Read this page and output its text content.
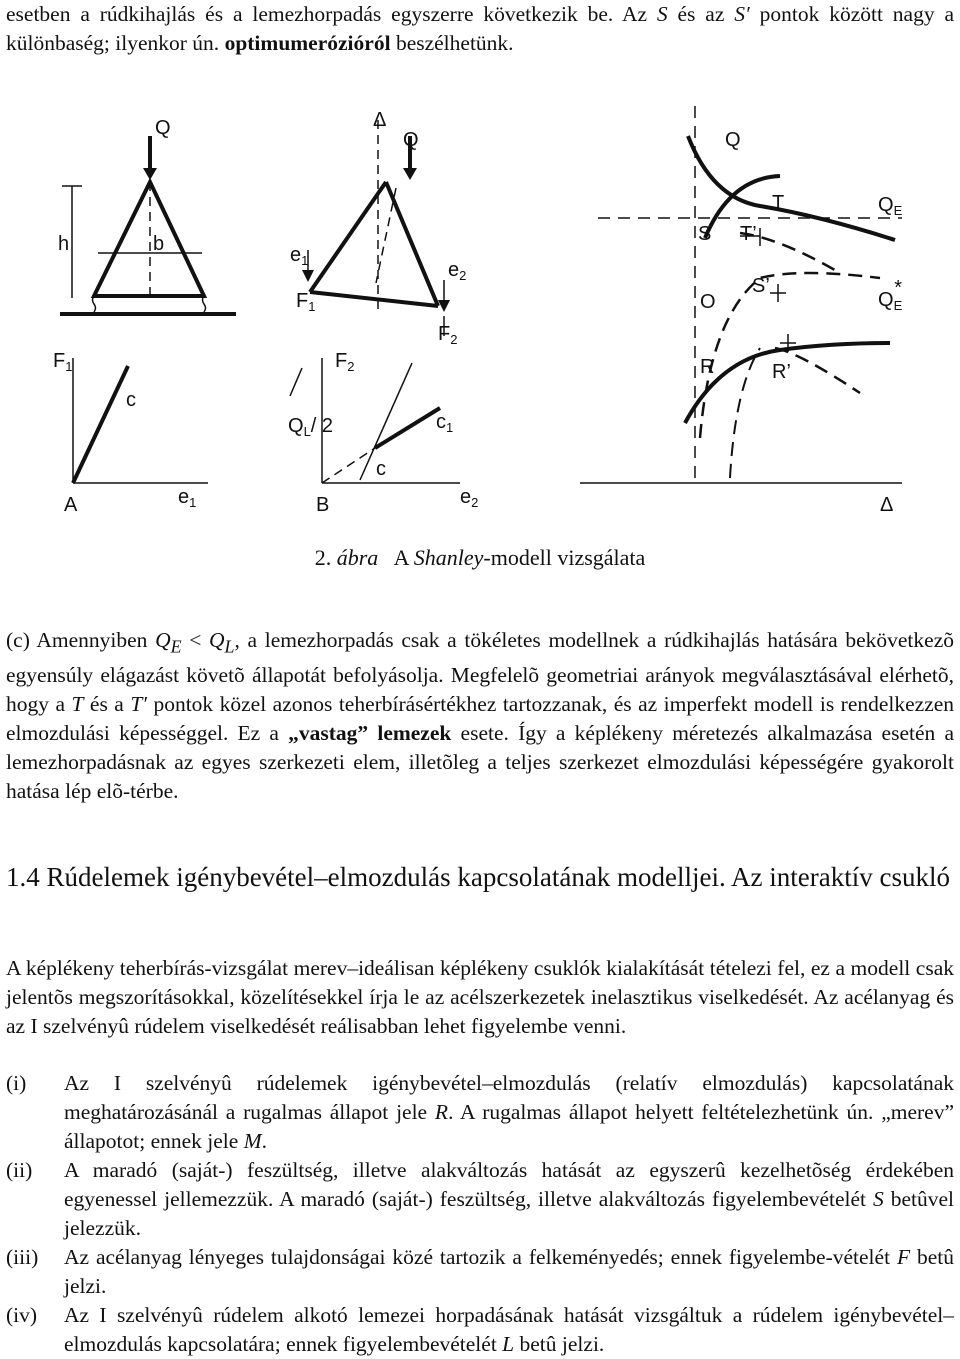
esetben a rúdkihajlás és a lemezhorpadás egyszerre következik be. Az S és az S′ pontok között nagy a különbaség; ilyenkor ún. optimumerózióról beszélhetünk.

Q
h	b
Δ
Q
$e_1$	$e_2$
$F_1$
$F_2$
$F_1$	$F_2$
c
$Q_L/$ 2	$c_1$
c
A	$e_1$	B	$e_2$
Q
S
T
T’
$Q_E$
O
S’
$Q_E*$
R	R’
Δ
2. ábra A Shanley-modell vizsgálata

(c) Amennyiben $Q_E < Q_L$, a lemezhorpadás csak a tökéletes modellnek a rúdkihajlás hatására bekövetkezõ egyensúly elágazást követõ állapotát befolyásolja. Megfelelõ geometriai arányok megválasztásával elérhetõ, hogy a T és a T′ pontok közel azonos teherbírásértékhez tartozzanak, és az imperfekt modell is rendelkezzen elmozdulási képességgel. Ez a „vastag” lemezek esete. Így a képlékeny méretezés alkalmazása esetén a lemezhorpadásnak az egyes szerkezeti elem, illetõleg a teljes szerkezet elmozdulási képességére gyakorolt hatása lép elõ-térbe.

1.4 Rúdelemek igénybevétel–elmozdulás kapcsolatának modelljei. Az interaktív csukló

A képlékeny teherbírás-vizsgálat merev–ideálisan képlékeny csuklók kialakítását tételezi fel, ez a modell csak jelentõs megszorításokkal, közelítésekkel írja le az acélszerkezetek inelasztikus viselkedését. Az acélanyag és az I szelvényû rúdelem viselkedését reálisabban lehet figyelembe venni.

(i) Az I szelvényû rúdelemek igénybevétel–elmozdulás (relatív elmozdulás) kapcsolatának meghatározásánál a rugalmas állapot jele R. A rugalmas állapot helyett feltételezhetünk ún. „merev” állapotot; ennek jele M.
(ii) A maradó (saját-) feszültség, illetve alakváltozás hatását az egyszerû kezelhetõség érdekében egyenessel jellemezzük. A maradó (saját-) feszültség, illetve alakváltozás figyelembevételét S betûvel jelezzük.
(iii) Az acélanyag lényeges tulajdonságai közé tartozik a felkeményedés; ennek figyelembe-vételét F betû jelzi.
(iv) Az I szelvényû rúdelem alkotó lemezei horpadásának hatását vizsgáltuk a rúdelem igénybevétel–elmozdulás kapcsolatára; ennek figyelembevételét L betû jelzi.
